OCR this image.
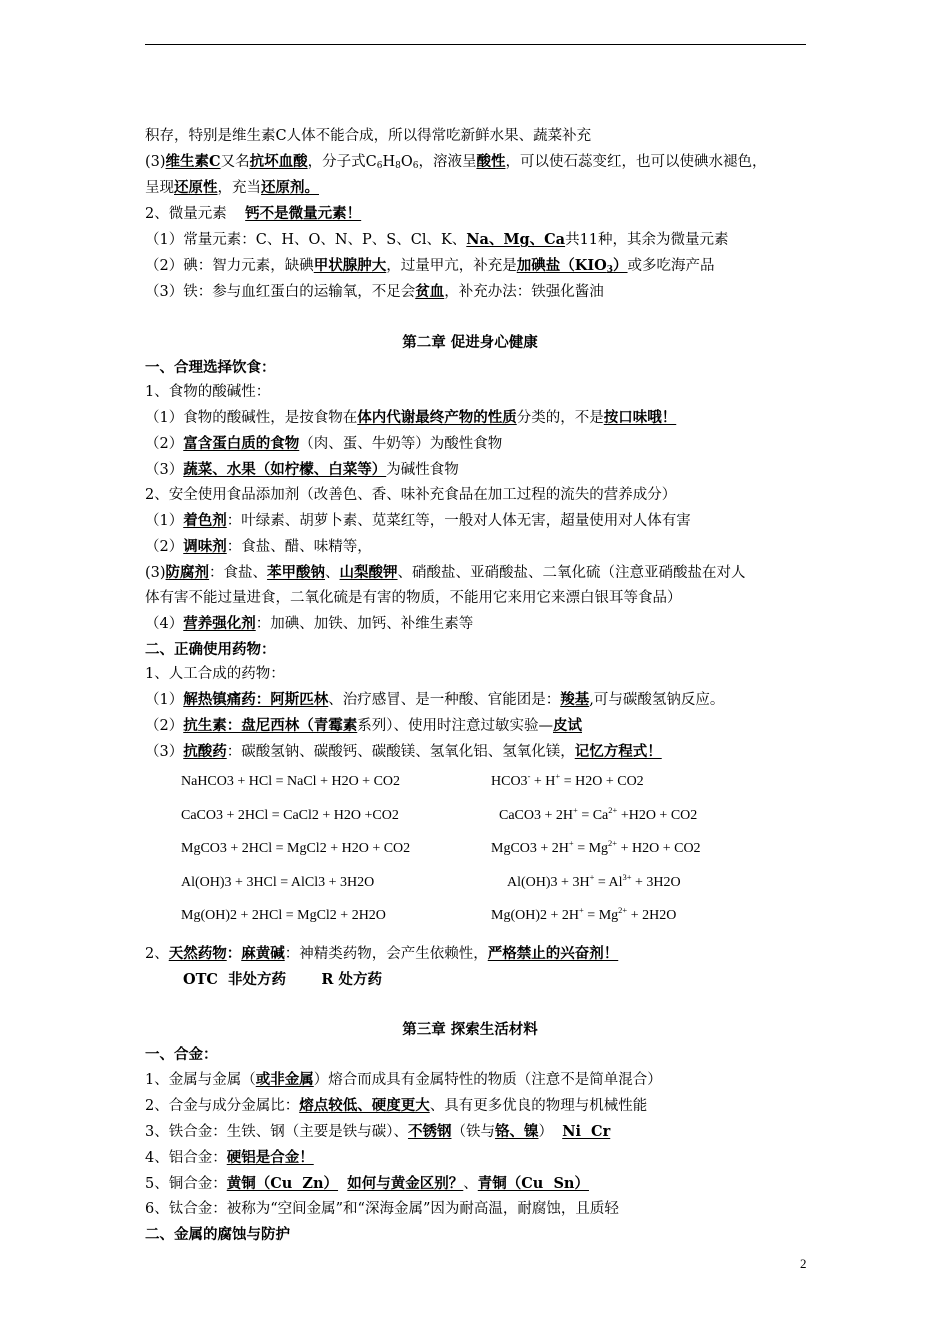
积存，特别是维生素C人体不能合成，所以得常吃新鲜水果、蔬菜补充
(3)维生素C又名抗坏血酸，分子式$C_6H_8O_6$，溶液呈酸性，可以使石蕊变红，也可以使碘水褪色，
呈现还原性，充当还原剂。
2、微量元素 钙不是微量元素！
（1）常量元素：C、H、O、N、P、S、Cl、K、Na、Mg、Ca共11种，其余为微量元素
（2）碘：智力元素，缺碘甲状腺肿大，过量甲亢，补充是加碘盐$(KIO_3)$或多吃海产品
（3）铁：参与血红蛋白的运输氧，不足会贫血，补充办法：铁强化酱油
第二章 促进身心健康
一、合理选择饮食：
1、食物的酸碱性：
（1）食物的酸碱性，是按食物在体内代谢最终产物的性质分类的，不是按口味哦！
（2）富含蛋白质的食物（肉、蛋、牛奶等）为酸性食物
（3）蔬菜、水果（如柠檬、白菜等）为碱性食物
2、安全使用食品添加剂（改善色、香、味补充食品在加工过程的流失的营养成分）
（1）着色剂：叶绿素、胡萝卜素、苋菜红等，一般对人体无害，超量使用对人体有害
（2）调味剂：食盐、醋、味精等，
(3)防腐剂：食盐、苯甲酸钠、山梨酸钾、硝酸盐、亚硝酸盐、二氧化硫（注意亚硝酸盐在对人
体有害不能过量进食，二氧化硫是有害的物质，不能用它来用它来漂白银耳等食品）
（4）营养强化剂：加碘、加铁、加钙、补维生素等
二、正确使用药物：
1、人工合成的药物：
（1）解热镇痛药：阿斯匹林、治疗感冒、是一种酸、官能团是：羧基,可与碳酸氢钠反应。
（2）抗生素：盘尼西林（青霉素系列）、使用时注意过敏实验—皮试
（3）抗酸药：碳酸氢钠、碳酸钙、碳酸镁、氢氧化铝、氢氧化镁，记忆方程式！
NaHCO3 + HCl = NaCl + H2O + CO2	HCO3- + H+ = H2O + CO2
CaCO3 + 2HCl = CaCl2 + H2O +CO2	CaCO3 + $2H^+ = Ca^{2+} +H2O + CO2$
MgCO3 + 2HCl = MgCl2 + H2O + CO2	MgCO3 + $2H^+ = Mg^{2+} + H2O + CO2$
Al(OH)3 + 3HCl = AlCl3 + 3H2O	$Al(OH)3 + 3H^+ = Al^{3+} + 3H2O$
Mg(OH)2 + 2HCl = MgCl2 + 2H2O	$Mg(OH)2 + 2H^+ = Mg^{2+} + 2H2O$
2、天然药物：麻黄碱：神精类药物，会产生依赖性，严格禁止的兴奋剂！
OTC  非处方药       R 处方药
第三章 探索生活材料
一、合金：
1、金属与金属（或非金属）熔合而成具有金属特性的物质（注意不是简单混合）
2、合金与成分金属比：熔点较低、硬度更大、具有更多优良的物理与机械性能
3、铁合金：生铁、钢（主要是铁与碳）、不锈钢（铁与铬、镍） Ni  Cr
4、铝合金：硬铝是合金！
5、铜合金：黄铜（Cu  Zn） 如何与黄金区别？、青铜（Cu  Sn）
6、钛合金：被称为“空间金属”和“深海金属”因为耐高温，耐腐蚀，且质轻
二、金属的腐蚀与防护
2
